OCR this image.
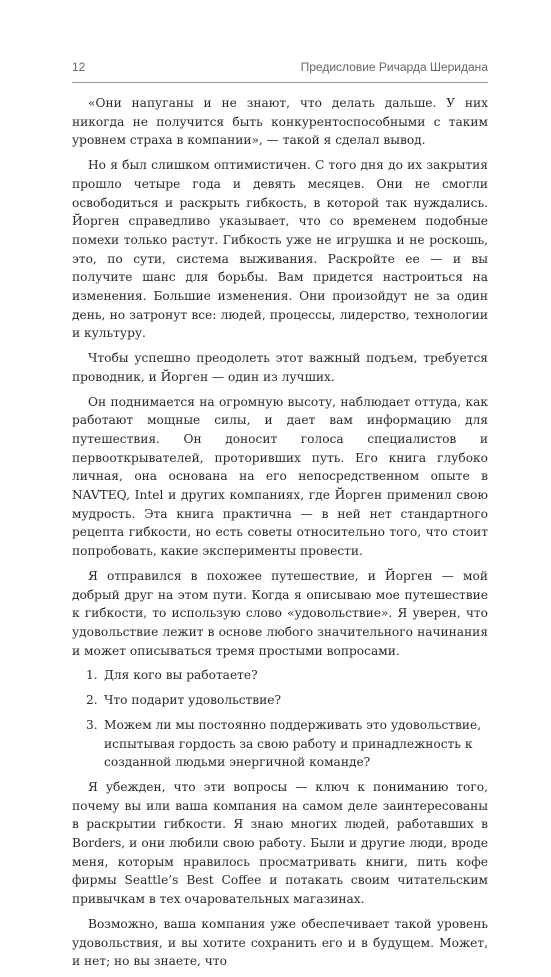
12	Предисловие Ричарда Шеридана

«Они напуганы и не знают, что делать дальше. У них никогда не получится быть конкурентоспособными с таким уровнем страха в компании», — такой я сделал вывод.

Но я был слишком оптимистичен. С того дня до их закрытия прошло четыре года и девять месяцев. Они не смогли освободиться и раскрыть гибкость, в которой так нуждались. Йорген справедливо указывает, что со временем подобные помехи только растут. Гибкость уже не игрушка и не роскошь, это, по сути, система выживания. Раскройте ее — и вы получите шанс для борьбы. Вам придется настроиться на изменения. Большие изменения. Они произойдут не за один день, но затронут все: людей, процессы, лидерство, технологии и культуру.

Чтобы успешно преодолеть этот важный подъем, требуется проводник, и Йорген — один из лучших.

Он поднимается на огромную высоту, наблюдает оттуда, как работают мощные силы, и дает вам информацию для путешествия. Он доносит голоса специалистов и первооткрывателей, проторивших путь. Его книга глубоко личная, она основана на его непосредственном опыте в NAVTEQ, Intel и других компаниях, где Йорген применил свою мудрость. Эта книга практична — в ней нет стандартного рецепта гибкости, но есть советы относительно того, что стоит попробовать, какие эксперименты провести.

Я отправился в похожее путешествие, и Йорген — мой добрый друг на этом пути. Когда я описываю мое путешествие к гибкости, то использую слово «удовольствие». Я уверен, что удовольствие лежит в основе любого значительного начинания и может описываться тремя простыми вопросами.

1. Для кого вы работаете?
2. Что подарит удовольствие?
3. Можем ли мы постоянно поддерживать это удовольствие, испытывая гордость за свою работу и принадлежность к созданной людьми энергичной команде?

Я убежден, что эти вопросы — ключ к пониманию того, почему вы или ваша компания на самом деле заинтересованы в раскрытии гибкости. Я знаю многих людей, работавших в Borders, и они любили свою работу. Были и другие люди, вроде меня, которым нравилось просматривать книги, пить кофе фирмы Seattle’s Best Coffee и потакать своим читательским привычкам в тех очаровательных магазинах.

Возможно, ваша компания уже обеспечивает такой уровень удовольствия, и вы хотите сохранить его и в будущем. Может, и нет; но вы знаете, что
